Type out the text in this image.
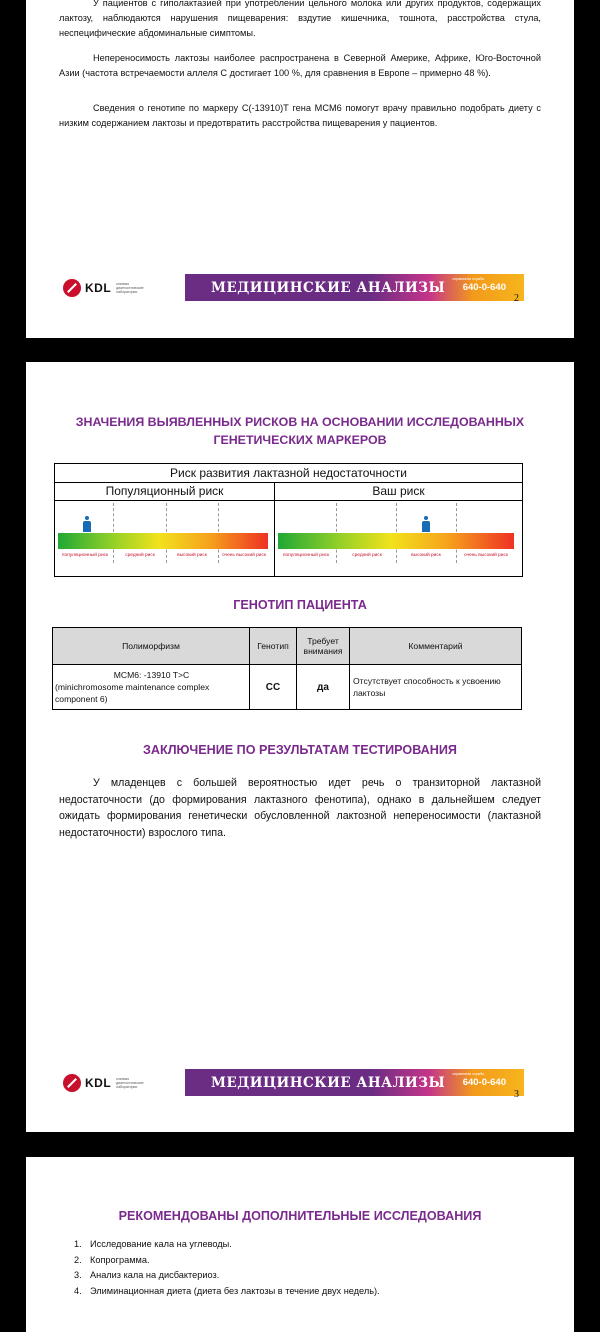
У пациентов с гиполактазией при употреблении цельного молока или других продуктов, содержащих лактозу, наблюдаются нарушения пищеварения: вздутие кишечника, тошнота, расстройства стула, неспецифические абдоминальные симптомы.

Непереносимость лактозы наиболее распространена в Северной Америке, Африке, Юго-Восточной Азии (частота встречаемости аллеля С достигает 100 %, для сравнения в Европе – примерно 48 %).

Сведения о генотипе по маркеру С(-13910)Т гена MCM6 помогут врачу правильно подобрать диету с низким содержанием лактозы и предотвратить расстройства пищеварения у пациентов.

KDL клинико диагностические лаборатории	МЕДИЦИНСКИЕ АНАЛИЗЫ
справочная служба
640-0-640
2
ЗНАЧЕНИЯ ВЫЯВЛЕННЫХ РИСКОВ НА ОСНОВАНИИ ИССЛЕДОВАННЫХ ГЕНЕТИЧЕСКИХ МАРКЕРОВ
Риск развития лактазной недостаточности
Популяционный риск
популяционный риск	средний риск	высокий риск	очень высокий риск
Ваш риск
популяционный риск	средний риск	высокий риск	очень высокий риск
ГЕНОТИП ПАЦИЕНТА
Полиморфизм	Генотип	Требует внимания	Комментарий

MCM6: -13910 T>C
(minichromosome maintenance complex component 6)	СС	да	Отсутствует способность к усвоению лактозы
ЗАКЛЮЧЕНИЕ ПО РЕЗУЛЬТАТАМ ТЕСТИРОВАНИЯ

У младенцев с большей вероятностью идет речь о транзиторной лактазной недостаточности (до формирования лактазного фенотипа), однако в дальнейшем следует ожидать формирования генетически обусловленной лактозной непереносимости (лактазной недостаточности) взрослого типа.

KDL клинико диагностические лаборатории	МЕДИЦИНСКИЕ АНАЛИЗЫ
справочная служба
640-0-640
3
РЕКОМЕНДОВАНЫ ДОПОЛНИТЕЛЬНЫЕ ИССЛЕДОВАНИЯ
1. Исследование кала на углеводы.
2. Копрограмма.
3. Анализ кала на дисбактериоз.
4. Элиминационная диета (диета без лактозы в течение двух недель).
